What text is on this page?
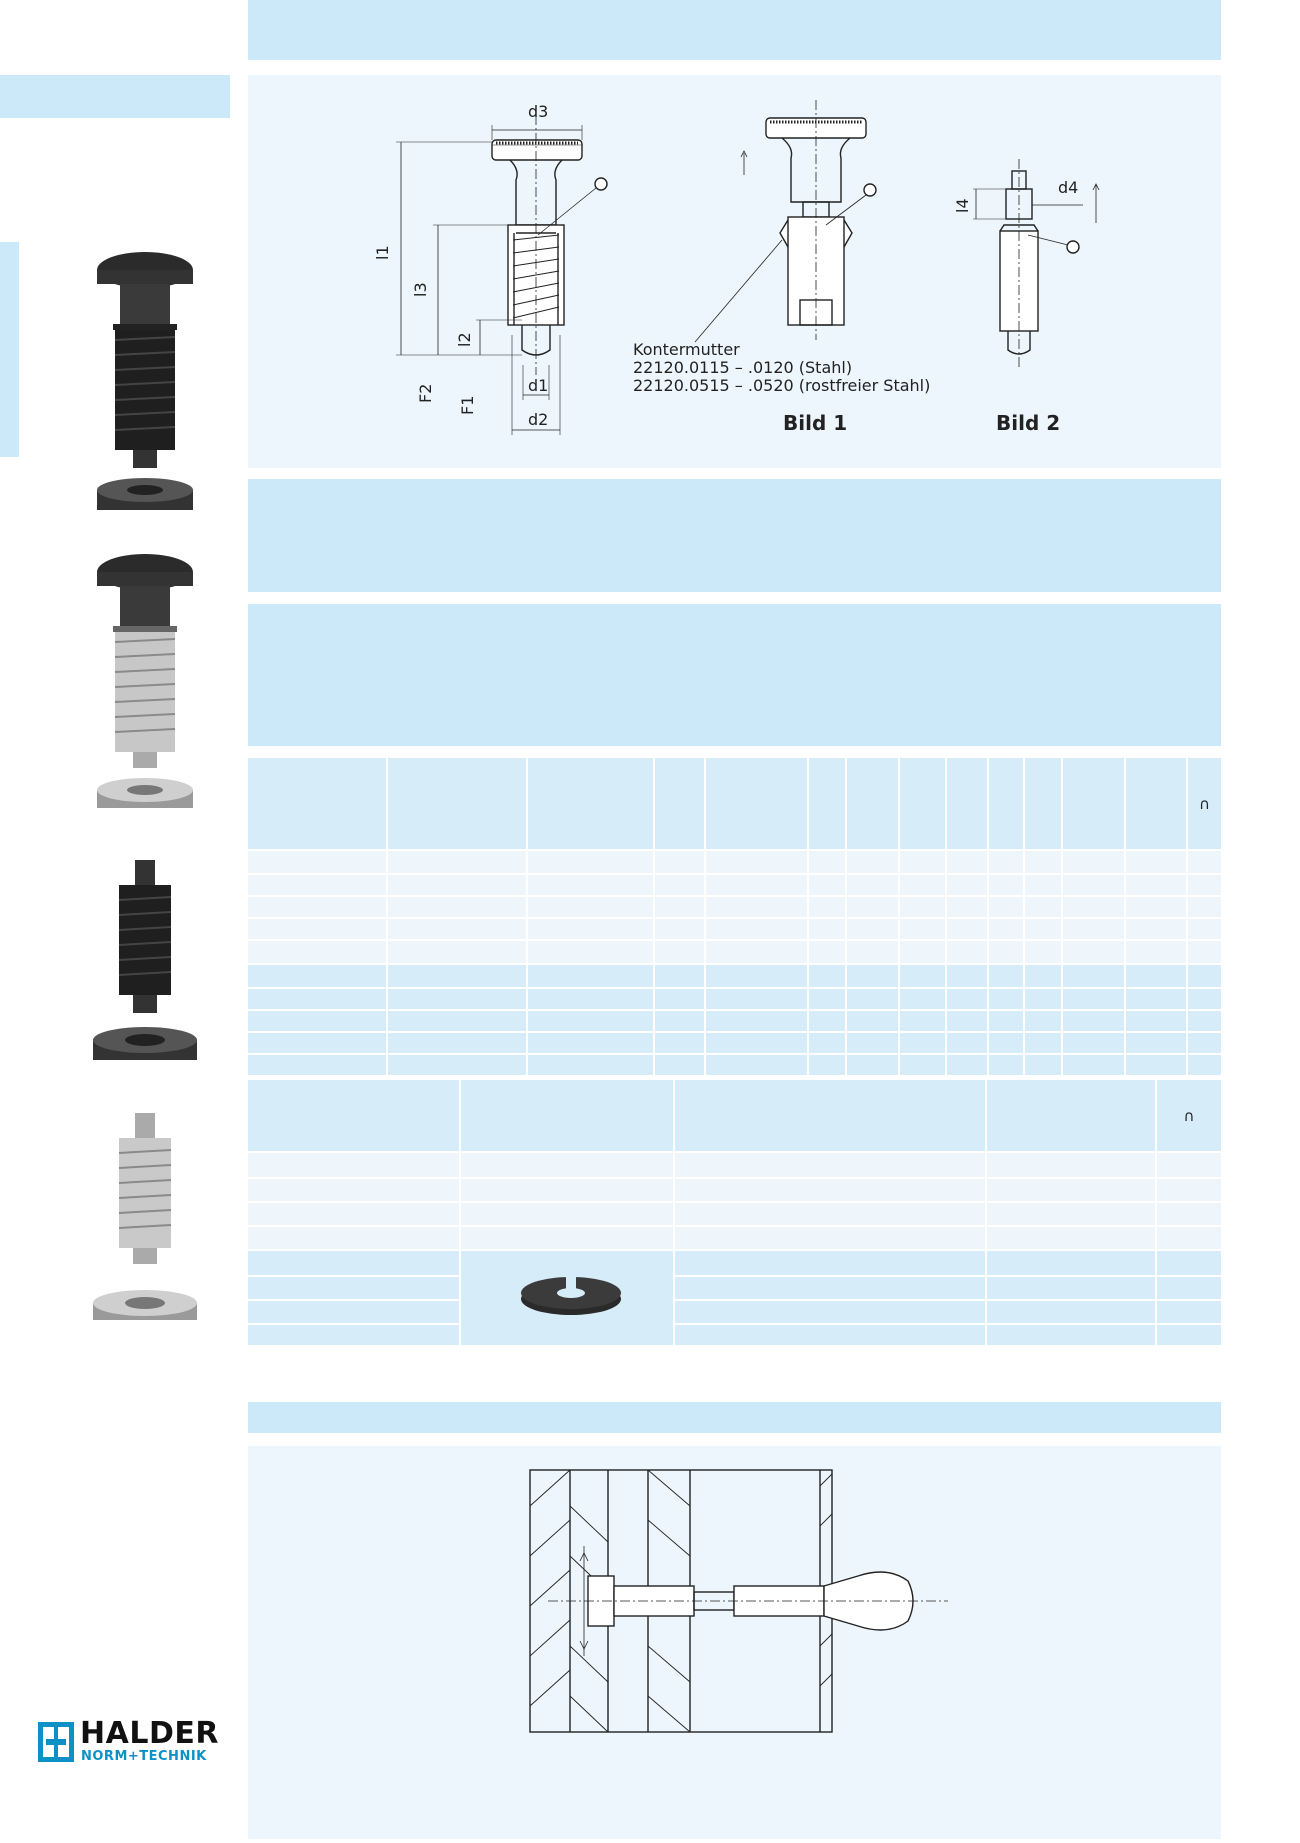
d3
l1
l3
l2
F2
F1
d1
d2
d4
l4
Kontermutter
22120.0115 – .0120 (Stahl)
22120.0515 – .0520 (rostfreier Stahl)
Bild 1	Bild 2
													∩

				∩

HALDER
NORM+TECHNIK
